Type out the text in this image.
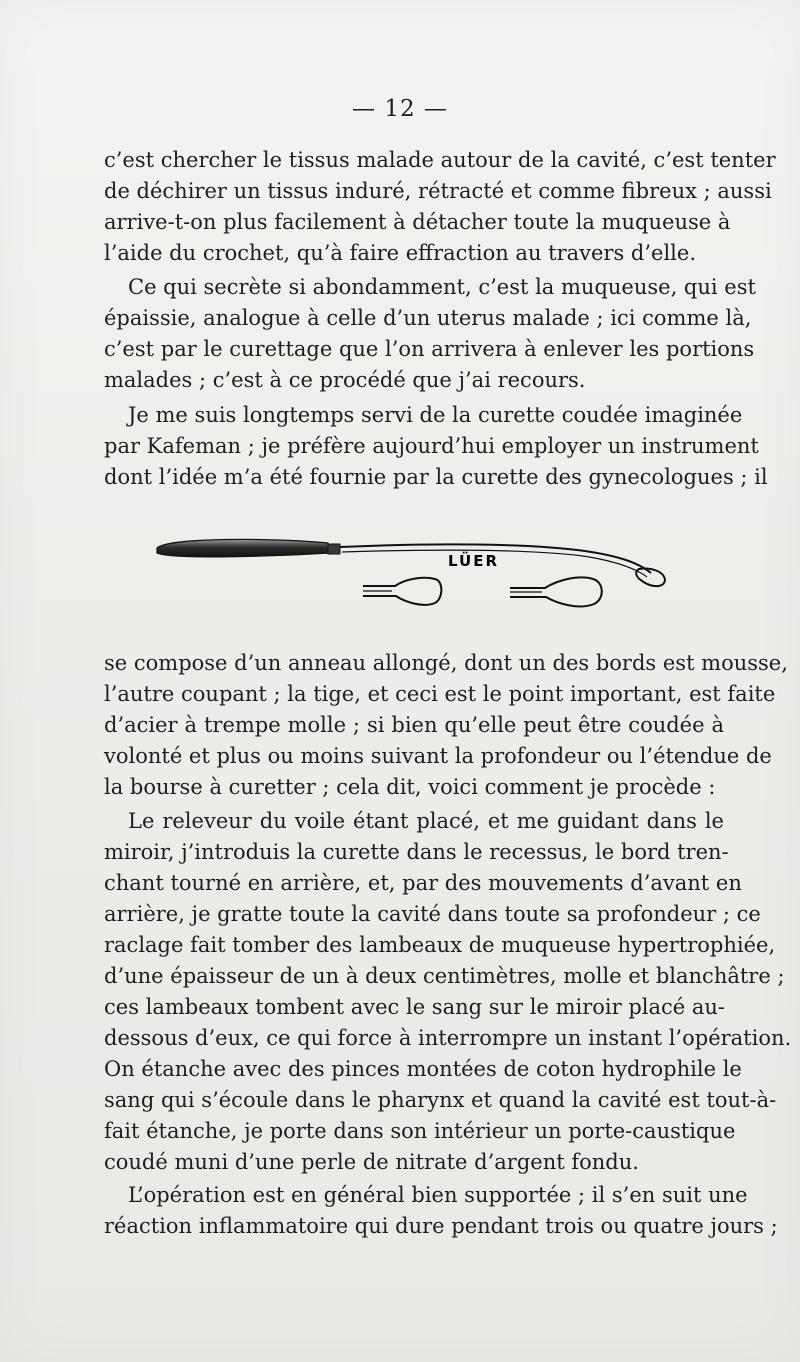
— 12 —
c’est chercher le tissus malade autour de la cavité, c’est tenter
de déchirer un tissus induré, rétracté et comme fibreux ; aussi
arrive-t-on plus facilement à détacher toute la muqueuse à
l’aide du crochet, qu’à faire effraction au travers d’elle.
Ce qui secrète si abondamment, c’est la muqueuse, qui est
épaissie, analogue à celle d’un uterus malade ; ici comme là,
c’est par le curettage que l’on arrivera à enlever les portions
malades ; c’est à ce procédé que j’ai recours.
Je me suis longtemps servi de la curette coudée imaginée
par Kafeman ; je préfère aujourd’hui employer un instrument
dont l’idée m’a été fournie par la curette des gynecologues ; il
LÜER
se compose d’un anneau allongé, dont un des bords est mousse,
l’autre coupant ; la tige, et ceci est le point important, est faite
d’acier à trempe molle ; si bien qu’elle peut être coudée à
volonté et plus ou moins suivant la profondeur ou l’étendue de
la bourse à curetter ; cela dit, voici comment je procède :
Le releveur du voile étant placé, et me guidant dans le
miroir, j’introduis la curette dans le recessus, le bord tren-
chant tourné en arrière, et, par des mouvements d’avant en
arrière, je gratte toute la cavité dans toute sa profondeur ; ce
raclage fait tomber des lambeaux de muqueuse hypertrophiée,
d’une épaisseur de un à deux centimètres, molle et blanchâtre ;
ces lambeaux tombent avec le sang sur le miroir placé au-
dessous d’eux, ce qui force à interrompre un instant l’opération.
On étanche avec des pinces montées de coton hydrophile le
sang qui s’écoule dans le pharynx et quand la cavité est tout-à-
fait étanche, je porte dans son intérieur un porte-caustique
coudé muni d’une perle de nitrate d’argent fondu.
L’opération est en général bien supportée ; il s’en suit une
réaction inflammatoire qui dure pendant trois ou quatre jours ;
